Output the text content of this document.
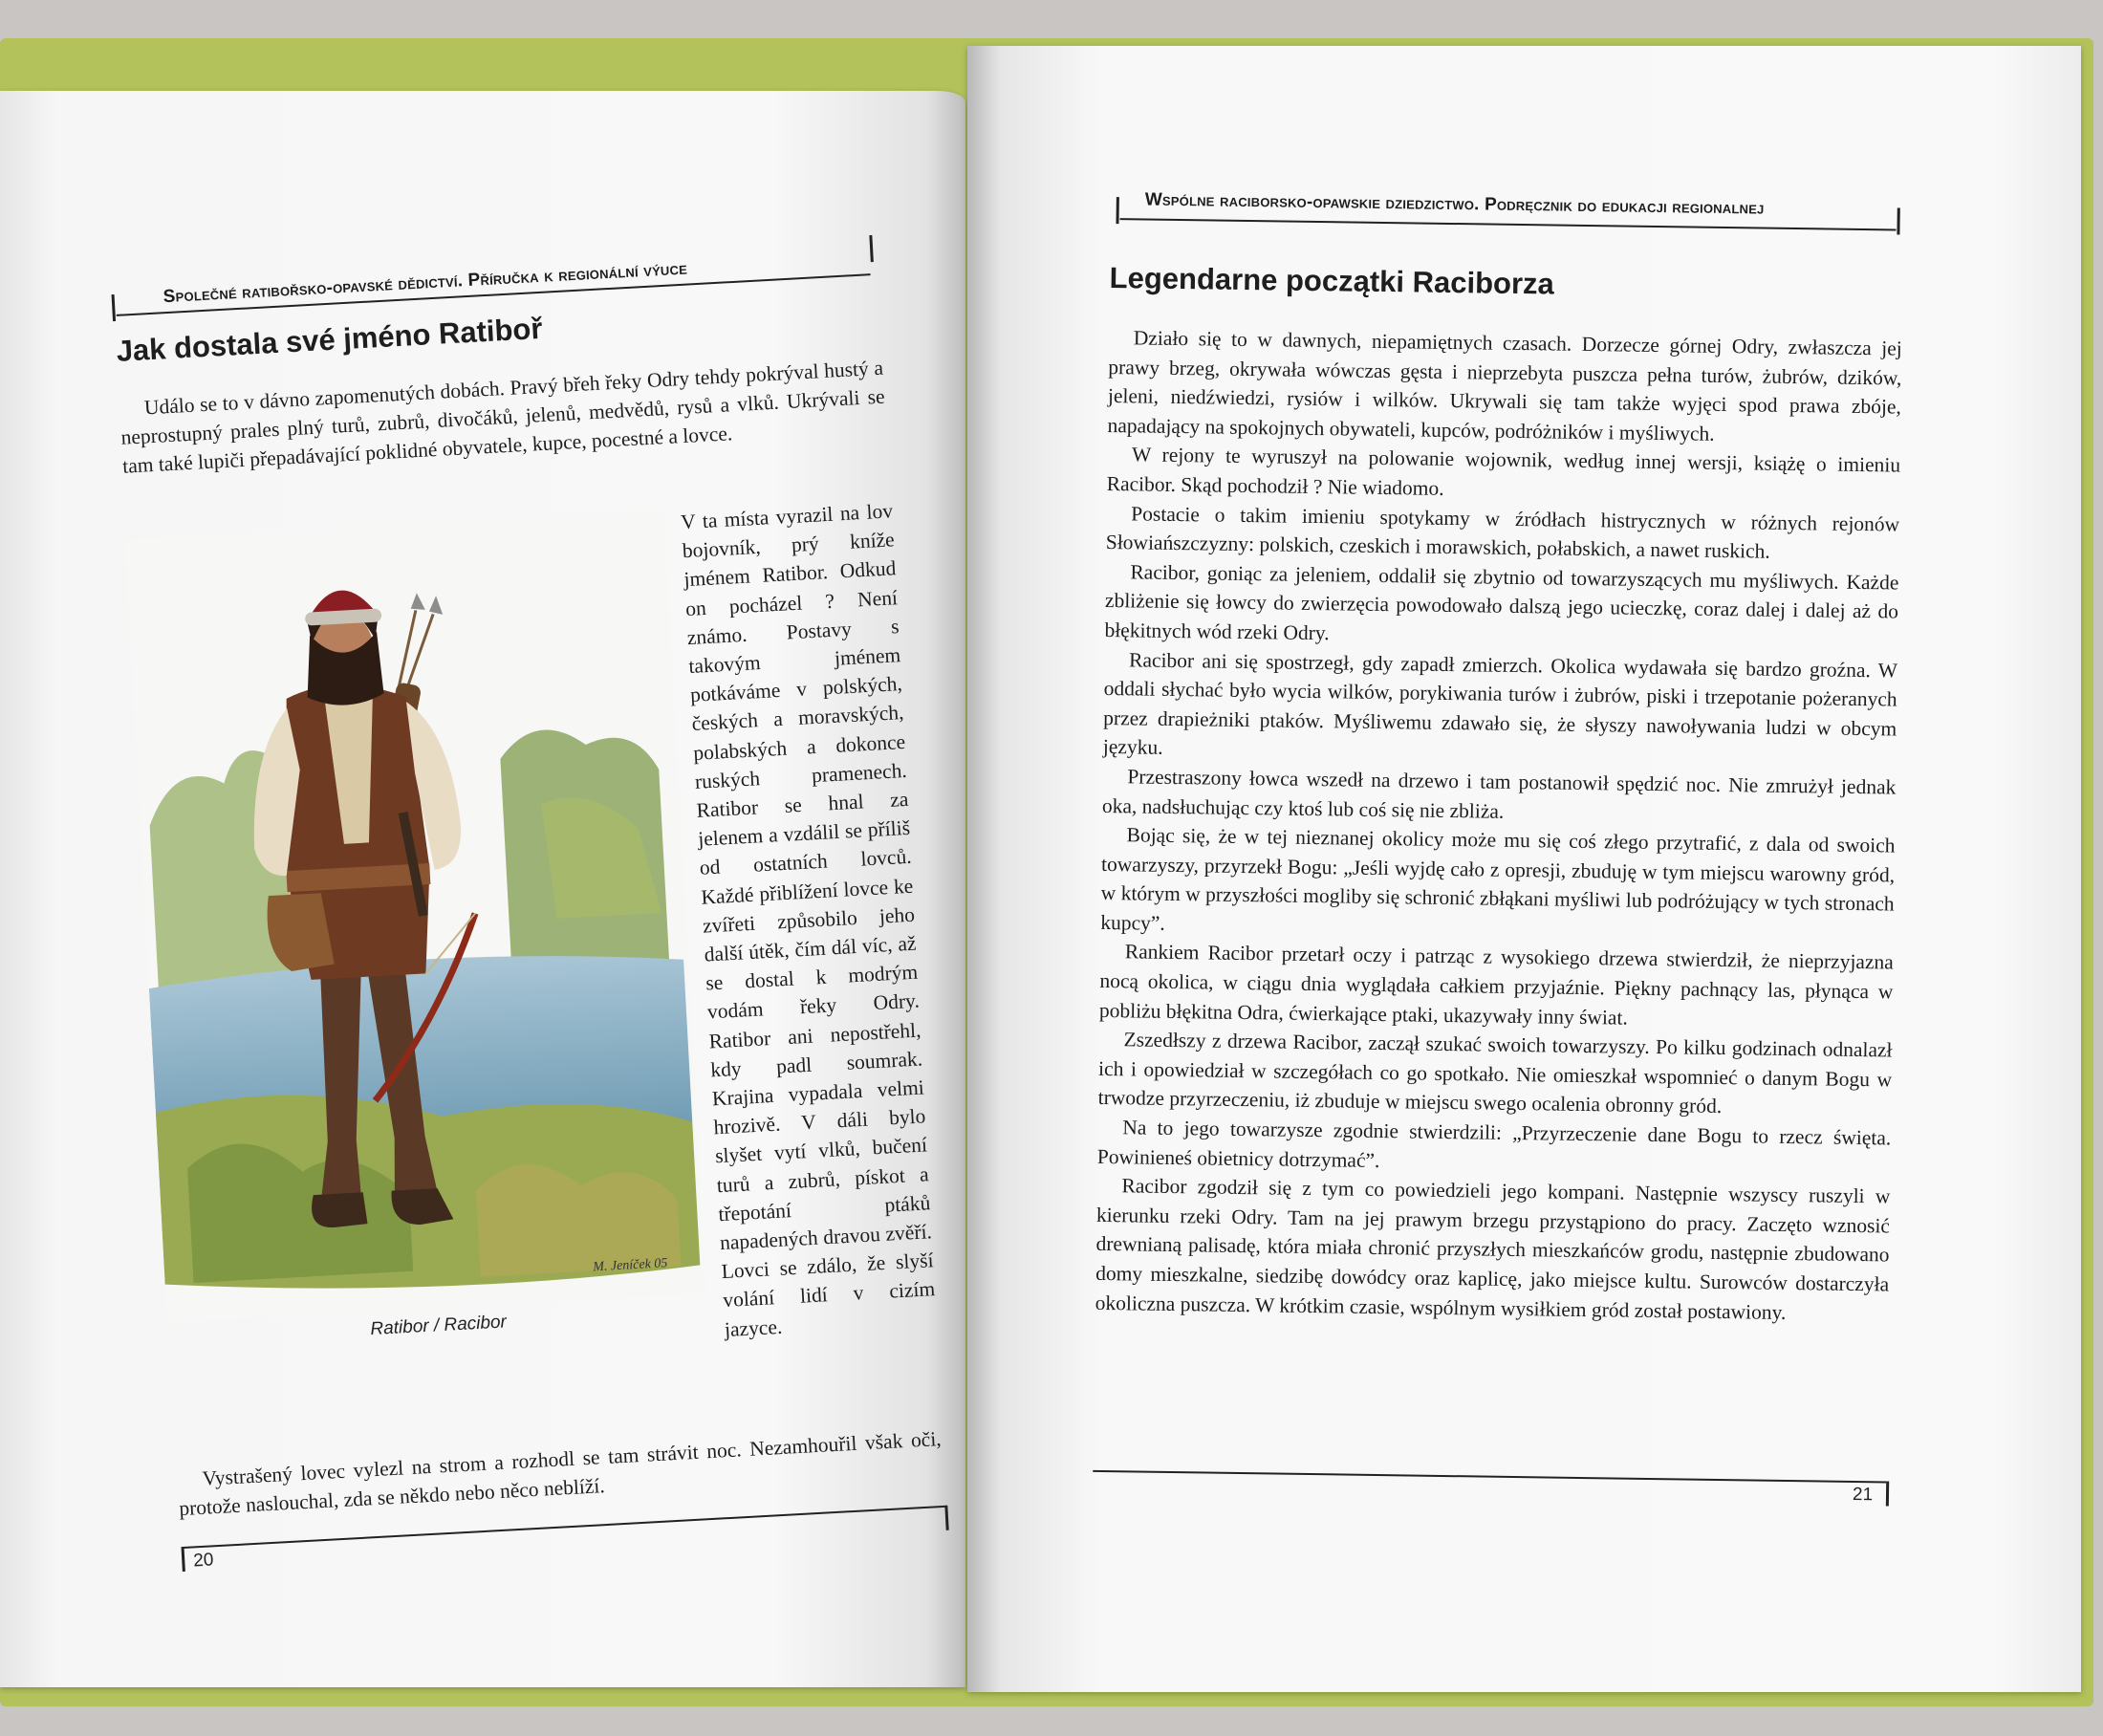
Společné ratibořsko-opavské dědictví. Příručka k regionální výuce
Jak dostala své jméno Ratiboř

Událo se to v dávno zapomenutých dobách. Pravý břeh řeky Odry tehdy pokrýval hustý a neprostupný prales plný turů, zubrů, divočáků, jelenů, medvědů, rysů a vlků. Ukrývali se tam také lupiči přepadávající poklidné obyvatele, kupce, pocestné a lovce.

M. Jeníček 05
Ratibor / Racibor

V ta místa vyrazil na lov bojovník, prý kníže jménem Ratibor. Odkud on pocházel ? Není známo. Postavy s takovým jménem potkáváme v polských, českých a moravských, polabských a dokonce ruských pramenech. Ratibor se hnal za jelenem a vzdálil se příliš od ostatních lovců. Každé přiblížení lovce ke zvířeti způsobilo jeho další útěk, čím dál víc, až se dostal k modrým vodám řeky Odry. Ratibor ani nepostřehl, kdy padl soumrak. Krajina vypadala velmi hrozivě. V dáli bylo slyšet vytí vlků, bučení turů a zubrů, pískot a třepotání ptáků napadených dravou zvěří. Lovci se zdálo, že slyší volání lidí v cizím jazyce.

Vystrašený lovec vylezl na strom a rozhodl se tam strávit noc. Nezamhouřil však oči, protože naslouchal, zda se někdo nebo něco neblíží.

20
Wspólne raciborsko-opawskie dziedzictwo. Podręcznik do edukacji regionalnej
Legendarne początki Raciborza

Działo się to w dawnych, niepamiętnych czasach. Dorzecze górnej Odry, zwłaszcza jej prawy brzeg, okrywała wówczas gęsta i nieprzebyta puszcza pełna turów, żubrów, dzików, jeleni, niedźwiedzi, rysiów i wilków. Ukrywali się tam także wyjęci spod prawa zbóje, napadający na spokojnych obywateli, kupców, podróżników i myśliwych.

W rejony te wyruszył na polowanie wojownik, według innej wersji, książę o imieniu Racibor. Skąd pochodził ? Nie wiadomo.

Postacie o takim imieniu spotykamy w źródłach histrycznych w różnych rejonów Słowiańszczyzny: polskich, czeskich i morawskich, połabskich, a nawet ruskich.

Racibor, goniąc za jeleniem, oddalił się zbytnio od towarzyszących mu myśliwych. Każde zbliżenie się łowcy do zwierzęcia powodowało dalszą jego ucieczkę, coraz dalej i dalej aż do błękitnych wód rzeki Odry.

Racibor ani się spostrzegł, gdy zapadł zmierzch. Okolica wydawała się bardzo groźna. W oddali słychać było wycia wilków, porykiwania turów i żubrów, piski i trzepotanie pożeranych przez drapieżniki ptaków. Myśliwemu zdawało się, że słyszy nawoływania ludzi w obcym języku.

Przestraszony łowca wszedł na drzewo i tam postanowił spędzić noc. Nie zmrużył jednak oka, nadsłuchując czy ktoś lub coś się nie zbliża.

Bojąc się, że w tej nieznanej okolicy może mu się coś złego przytrafić, z dala od swoich towarzyszy, przyrzekł Bogu: „Jeśli wyjdę cało z opresji, zbuduję w tym miejscu warowny gród, w którym w przyszłości mogliby się schronić zbłąkani myśliwi lub podróżujący w tych stronach kupcy”.

Rankiem Racibor przetarł oczy i patrząc z wysokiego drzewa stwierdził, że nieprzyjazna nocą okolica, w ciągu dnia wyglądała całkiem przyjaźnie. Piękny pachnący las, płynąca w pobliżu błękitna Odra, ćwierkające ptaki, ukazywały inny świat.

Zszedłszy z drzewa Racibor, zaczął szukać swoich towarzyszy. Po kilku godzinach odnalazł ich i opowiedział w szczegółach co go spotkało. Nie omieszkał wspomnieć o danym Bogu w trwodze przyrzeczeniu, iż zbuduje w miejscu swego ocalenia obronny gród.

Na to jego towarzysze zgodnie stwierdzili: „Przyrzeczenie dane Bogu to rzecz święta. Powinieneś obietnicy dotrzymać”.

Racibor zgodził się z tym co powiedzieli jego kompani. Następnie wszyscy ruszyli w kierunku rzeki Odry. Tam na jej prawym brzegu przystąpiono do pracy. Zaczęto wznosić drewnianą palisadę, która miała chronić przyszłych mieszkańców grodu, następnie zbudowano domy mieszkalne, siedzibę dowódcy oraz kaplicę, jako miejsce kultu. Surowców dostarczyła okoliczna puszcza. W krótkim czasie, wspólnym wysiłkiem gród został postawiony.

21
